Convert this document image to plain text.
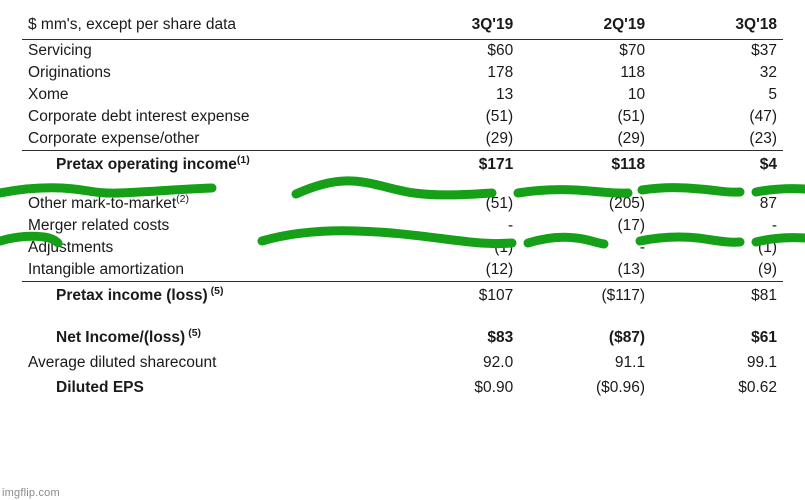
$ mm's, except per share data	3Q'19	2Q'19	3Q'18
Servicing	$60	$70	$37
Originations	178	118	32
Xome	13	10	5
Corporate debt interest expense	(51)	(51)	(47)
Corporate expense/other	(29)	(29)	(23)
Pretax operating income$^{(1)}$	$171	$118	$4

Other mark-to-market$^{(2)}$	(51)	(205)	87
Merger related costs	-	(17)	-
Adjustments	(1)	-	(1)
Intangible amortization	(12)	(13)	(9)
Pretax income (loss) $^{(5)}$	$107	($117)	$81

Net Income/(loss) $^{(5)}$	$83	($87)	$61
Average diluted sharecount	92.0	91.1	99.1
Diluted EPS	$0.90	($0.96)	$0.62
imgflip.com
